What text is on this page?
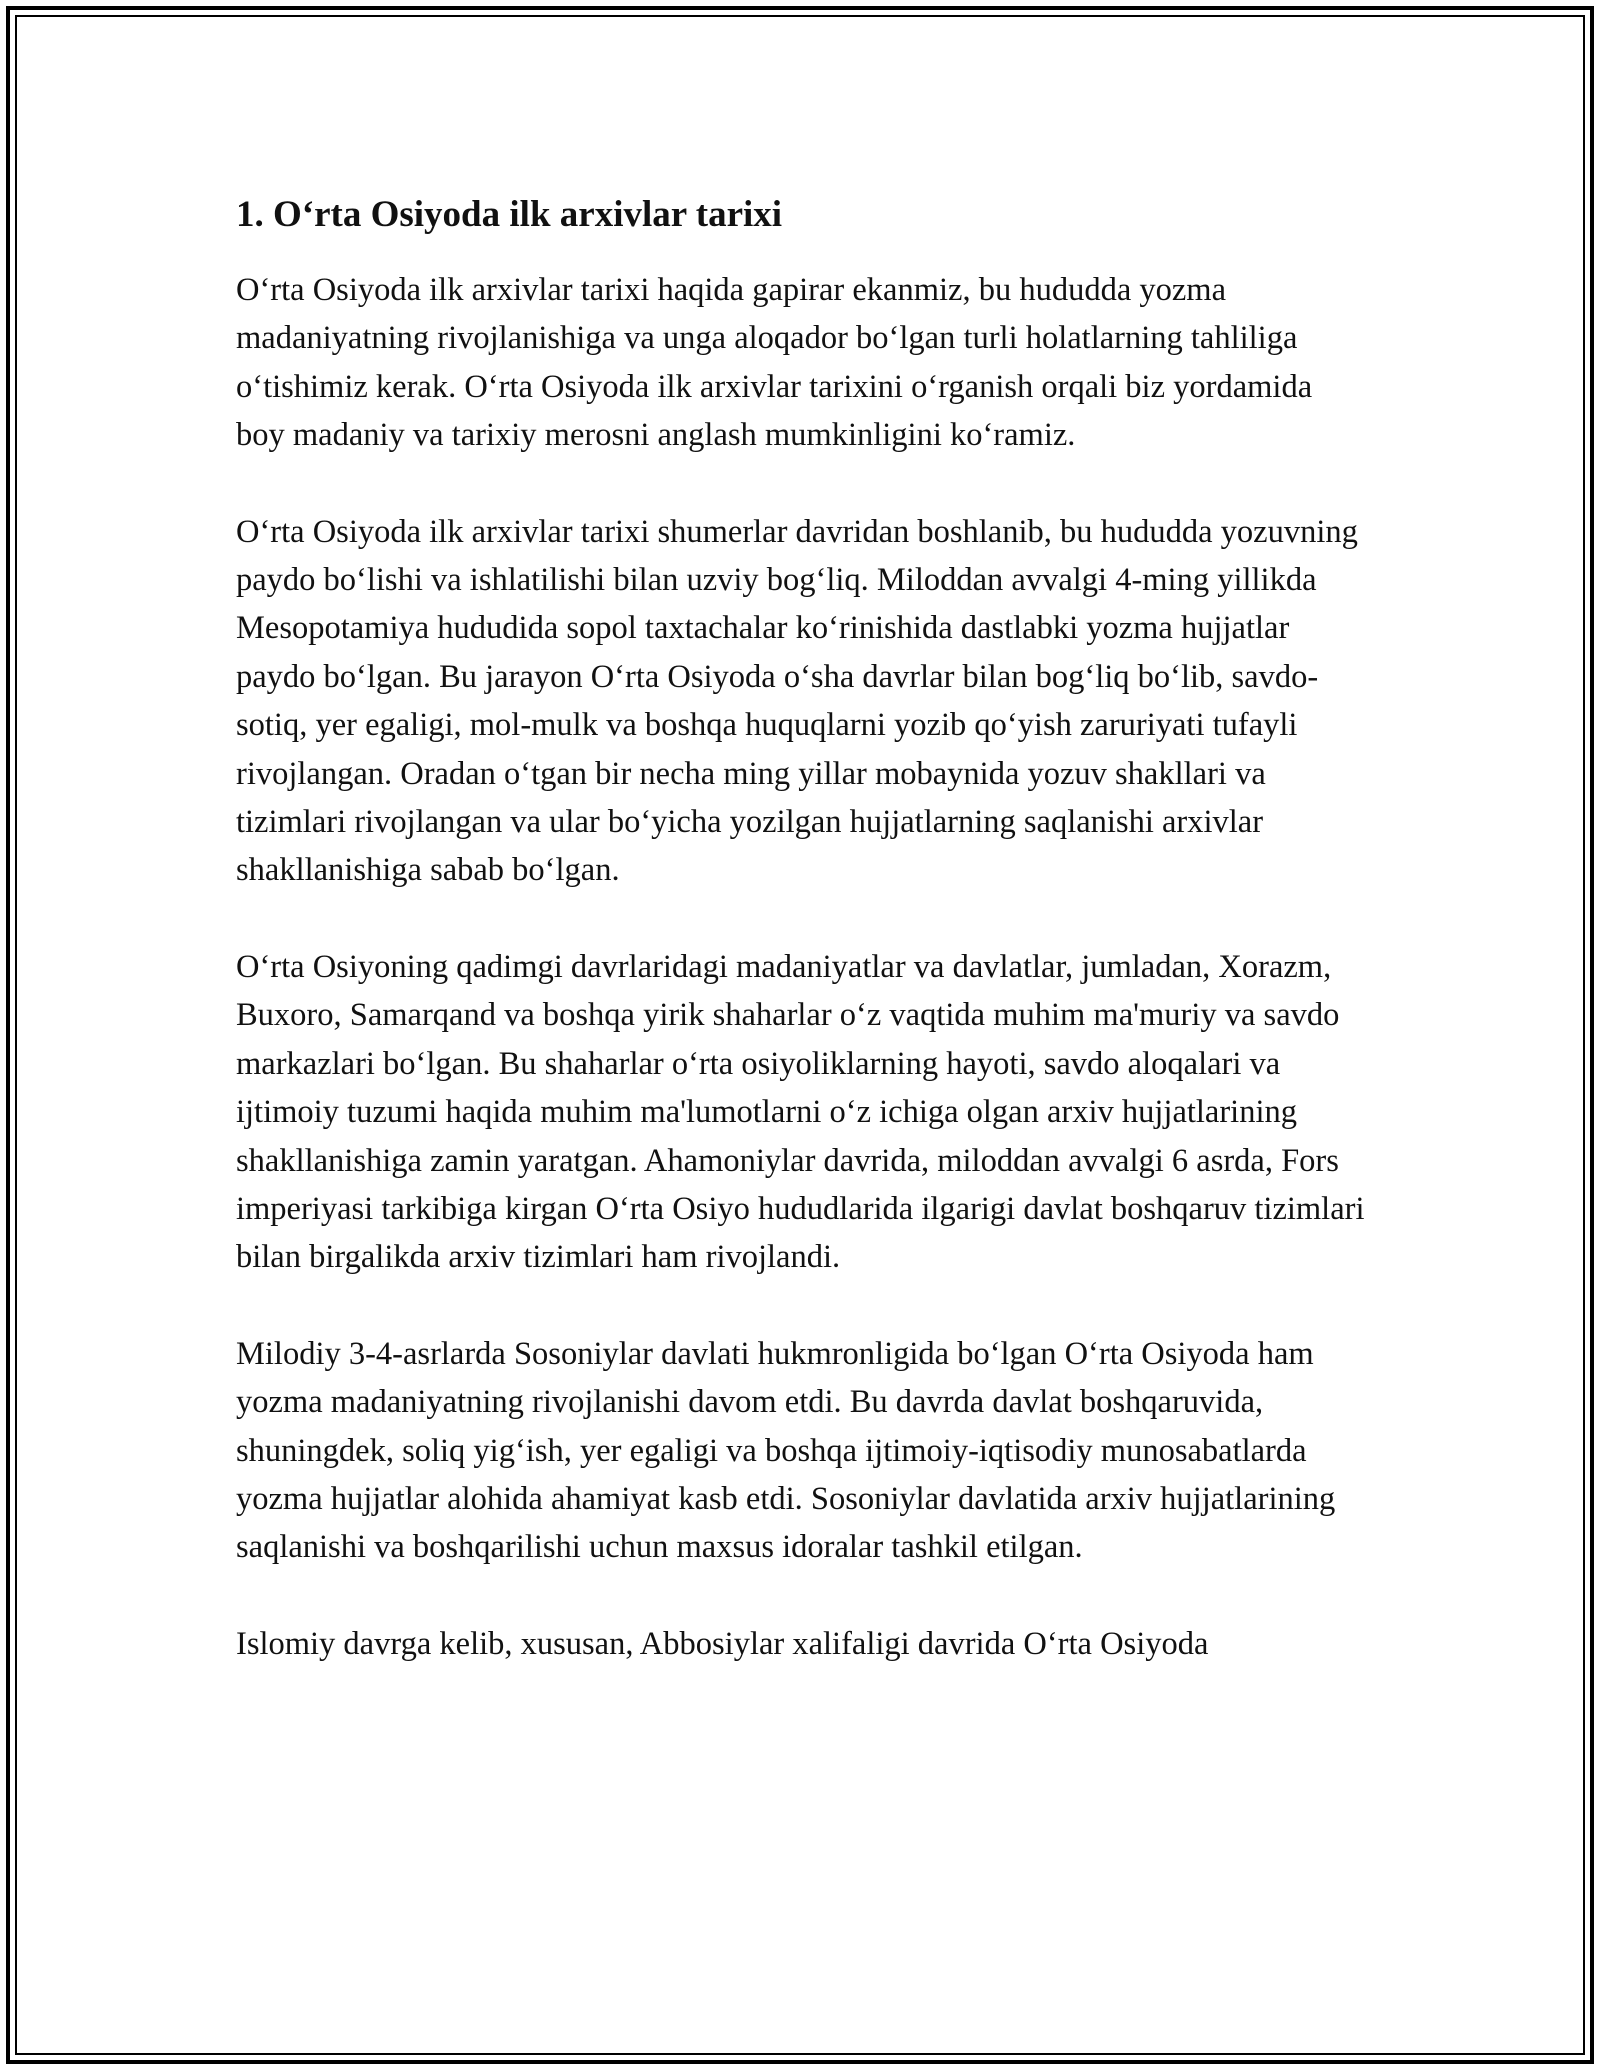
1. O‘rta Osiyoda ilk arxivlar tarixi

O‘rta Osiyoda ilk arxivlar tarixi haqida gapirar ekanmiz, bu hududda yozma madaniyatning rivojlanishiga va unga aloqador bo‘lgan turli holatlarning tahliliga o‘tishimiz kerak. O‘rta Osiyoda ilk arxivlar tarixini o‘rganish orqali biz yordamida boy madaniy va tarixiy merosni anglash mumkinligini ko‘ramiz.

O‘rta Osiyoda ilk arxivlar tarixi shumerlar davridan boshlanib, bu hududda yozuvning paydo bo‘lishi va ishlatilishi bilan uzviy bog‘liq. Miloddan avvalgi 4-ming yillikda Mesopotamiya hududida sopol taxtachalar ko‘rinishida dastlabki yozma hujjatlar paydo bo‘lgan. Bu jarayon O‘rta Osiyoda o‘sha davrlar bilan bog‘liq bo‘lib, savdo-sotiq, yer egaligi, mol-mulk va boshqa huquqlarni yozib qo‘yish zaruriyati tufayli rivojlangan. Oradan o‘tgan bir necha ming yillar mobaynida yozuv shakllari va tizimlari rivojlangan va ular bo‘yicha yozilgan hujjatlarning saqlanishi arxivlar shakllanishiga sabab bo‘lgan.

O‘rta Osiyoning qadimgi davrlaridagi madaniyatlar va davlatlar, jumladan, Xorazm, Buxoro, Samarqand va boshqa yirik shaharlar o‘z vaqtida muhim ma'muriy va savdo markazlari bo‘lgan. Bu shaharlar o‘rta osiyoliklarning hayoti, savdo aloqalari va ijtimoiy tuzumi haqida muhim ma'lumotlarni o‘z ichiga olgan arxiv hujjatlarining shakllanishiga zamin yaratgan. Ahamoniylar davrida, miloddan avvalgi 6 asrda, Fors imperiyasi tarkibiga kirgan O‘rta Osiyo hududlarida ilgarigi davlat boshqaruv tizimlari bilan birgalikda arxiv tizimlari ham rivojlandi.

Milodiy 3-4-asrlarda Sosoniylar davlati hukmronligida bo‘lgan O‘rta Osiyoda ham yozma madaniyatning rivojlanishi davom etdi. Bu davrda davlat boshqaruvida, shuningdek, soliq yig‘ish, yer egaligi va boshqa ijtimoiy-iqtisodiy munosabatlarda yozma hujjatlar alohida ahamiyat kasb etdi. Sosoniylar davlatida arxiv hujjatlarining saqlanishi va boshqarilishi uchun maxsus idoralar tashkil etilgan.

Islomiy davrga kelib, xususan, Abbosiylar xalifaligi davrida O‘rta Osiyoda
